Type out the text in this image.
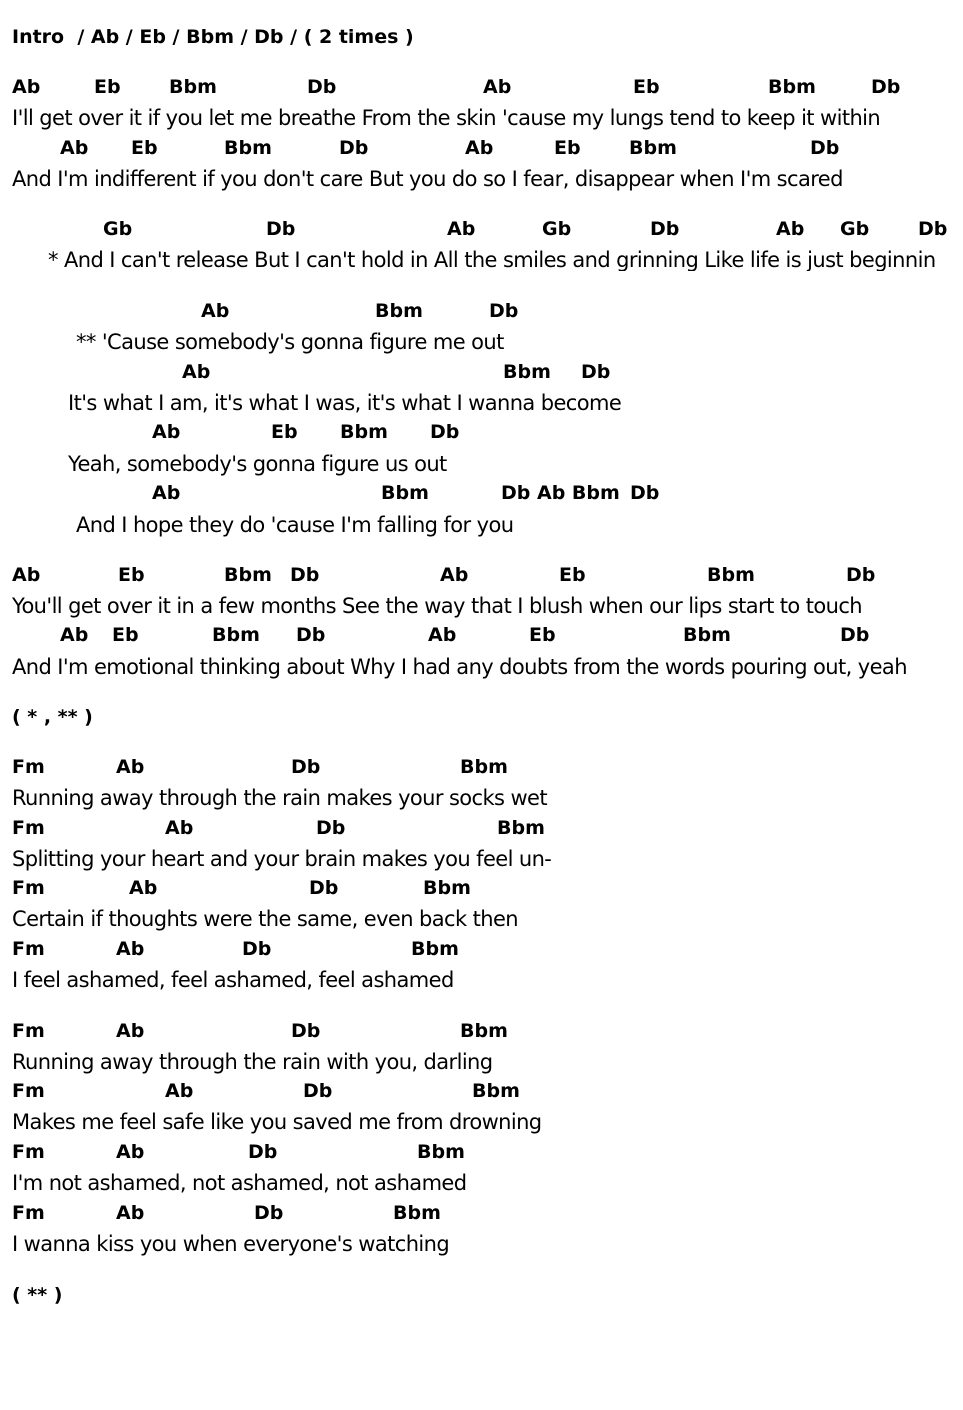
Intro  / Ab / Eb / Bbm / Db / ( 2 times )

Ab

	Eb

	Bbm

	Db

	Ab

	Eb

	Bbm

	Db

I'll get over it if you let me breathe From the skin 'cause my lungs tend to keep it within

Ab

Eb

	Bbm

	Db

	Ab

	Eb

	Bbm

	Db

And I'm indifferent if you don't care But you do so I fear, disappear when I'm scared

Gb

	Db

	Ab

	Gb

	Db

	Ab

Gb

	Db

* And I can't release But I can't hold in All the smiles and grinning Like life is just beginnin

Ab

	Bbm

	Db

** 'Cause somebody's gonna figure me out

Ab

	Bbm

Db

It's what I am, it's what I was, it's what I wanna become

Ab

	Eb

Bbm

Db

Yeah, somebody's gonna figure us out

Ab

	Bbm

	Db Ab Bbm

Db

And I hope they do 'cause I'm falling for you

Ab

	Eb

	Bbm

Db

	Ab

	Eb

	Bbm

	Db

You'll get over it in a few months See the way that I blush when our lips start to touch

Ab

Eb

	Bbm

Db

	Ab

	Eb

	Bbm

	Db

And I'm emotional thinking about Why I had any doubts from the words pouring out, yeah
( * , ** )

Fm

	Ab

	Db

	Bbm

Running away through the rain makes your socks wet

Fm

	Ab

	Db

	Bbm

Splitting your heart and your brain makes you feel un-

Fm

	Ab

	Db

	Bbm

Certain if thoughts were the same, even back then

Fm

	Ab

	Db

	Bbm

I feel ashamed, feel ashamed, feel ashamed

Fm

	Ab

	Db

	Bbm

Running away through the rain with you, darling

Fm

	Ab

	Db

	Bbm

Makes me feel safe like you saved me from drowning

Fm

	Ab

	Db

	Bbm

I'm not ashamed, not ashamed, not ashamed

Fm

	Ab

	Db

	Bbm

I wanna kiss you when everyone's watching
( ** )
